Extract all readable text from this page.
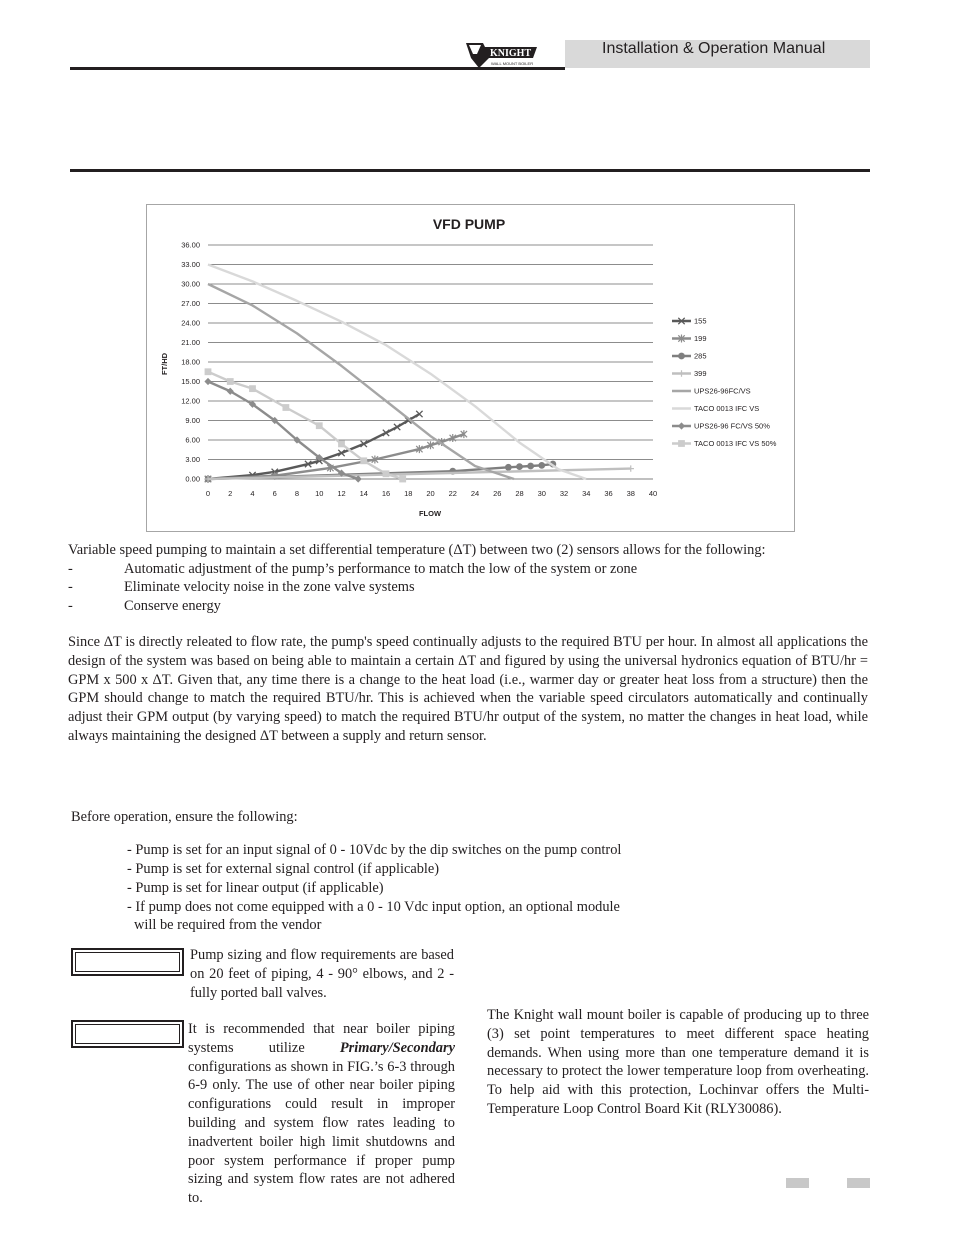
Installation & Operation Manual
KNIGHT
WALL MOUNT BOILER
VFD PUMP
FT/HD
FLOW
0.00
3.00
6.00
9.00
12.00
15.00
18.00
21.00
24.00
27.00
30.00
33.00
36.00
0 2 4 6 8 10 12 14 16 18 20 22 24 26 28 30 32 34 36 38 40
155
199
285
399
UPS26-96FC/VS
TACO 0013 IFC VS
UPS26-96 FC/VS 50%
TACO 0013 IFC VS 50%
Variable speed pumping to maintain a set differential temperature (ΔT) between two (2) sensors allows for the following:
-	Automatic adjustment of the pump’s performance to match the low of the system or zone
-	Eliminate velocity noise in the zone valve systems
-	Conserve energy
Since ΔT is directly releated to flow rate, the pump's speed continually adjusts to the required BTU per hour. In almost all applications the design of the system was based on being able to maintain a certain ΔT and figured by using the universal hydronics equation of BTU/hr = GPM x 500 x ΔT. Given that, any time there is a change to the heat load (i.e., warmer day or greater heat loss from a structure) then the GPM should change to match the required BTU/hr. This is achieved when the variable speed circulators automatically and continually adjust their GPM output (by varying speed) to match the required BTU/hr output of the system, no matter the changes in heat load, while always maintaining the designed ΔT between a supply and return sensor.
Before operation, ensure the following:
- Pump is set for an input signal of 0 - 10Vdc by the dip switches on the pump control
- Pump is set for external signal control (if applicable)
- Pump is set for linear output (if applicable)
- If pump does not come equipped with a 0 - 10 Vdc input option, an optional module
will be required from the vendor
Pump sizing and flow requirements are based on 20 feet of piping, 4 - 90° elbows, and 2 - fully ported ball valves.
It is recommended that near boiler piping systems utilize Primary/Secondary configurations as shown in FIG.’s 6-3 through 6-9 only. The use of other near boiler piping configurations could result in improper building and system flow rates leading to inadvertent boiler high limit shutdowns and poor system performance if proper pump sizing and system flow rates are not adhered to.
The Knight wall mount boiler is capable of producing up to three (3) set point temperatures to meet different space heating demands. When using more than one temperature demand it is necessary to protect the lower temperature loop from overheating. To help aid with this protection, Lochinvar offers the Multi- Temperature Loop Control Board Kit (RLY30086).
